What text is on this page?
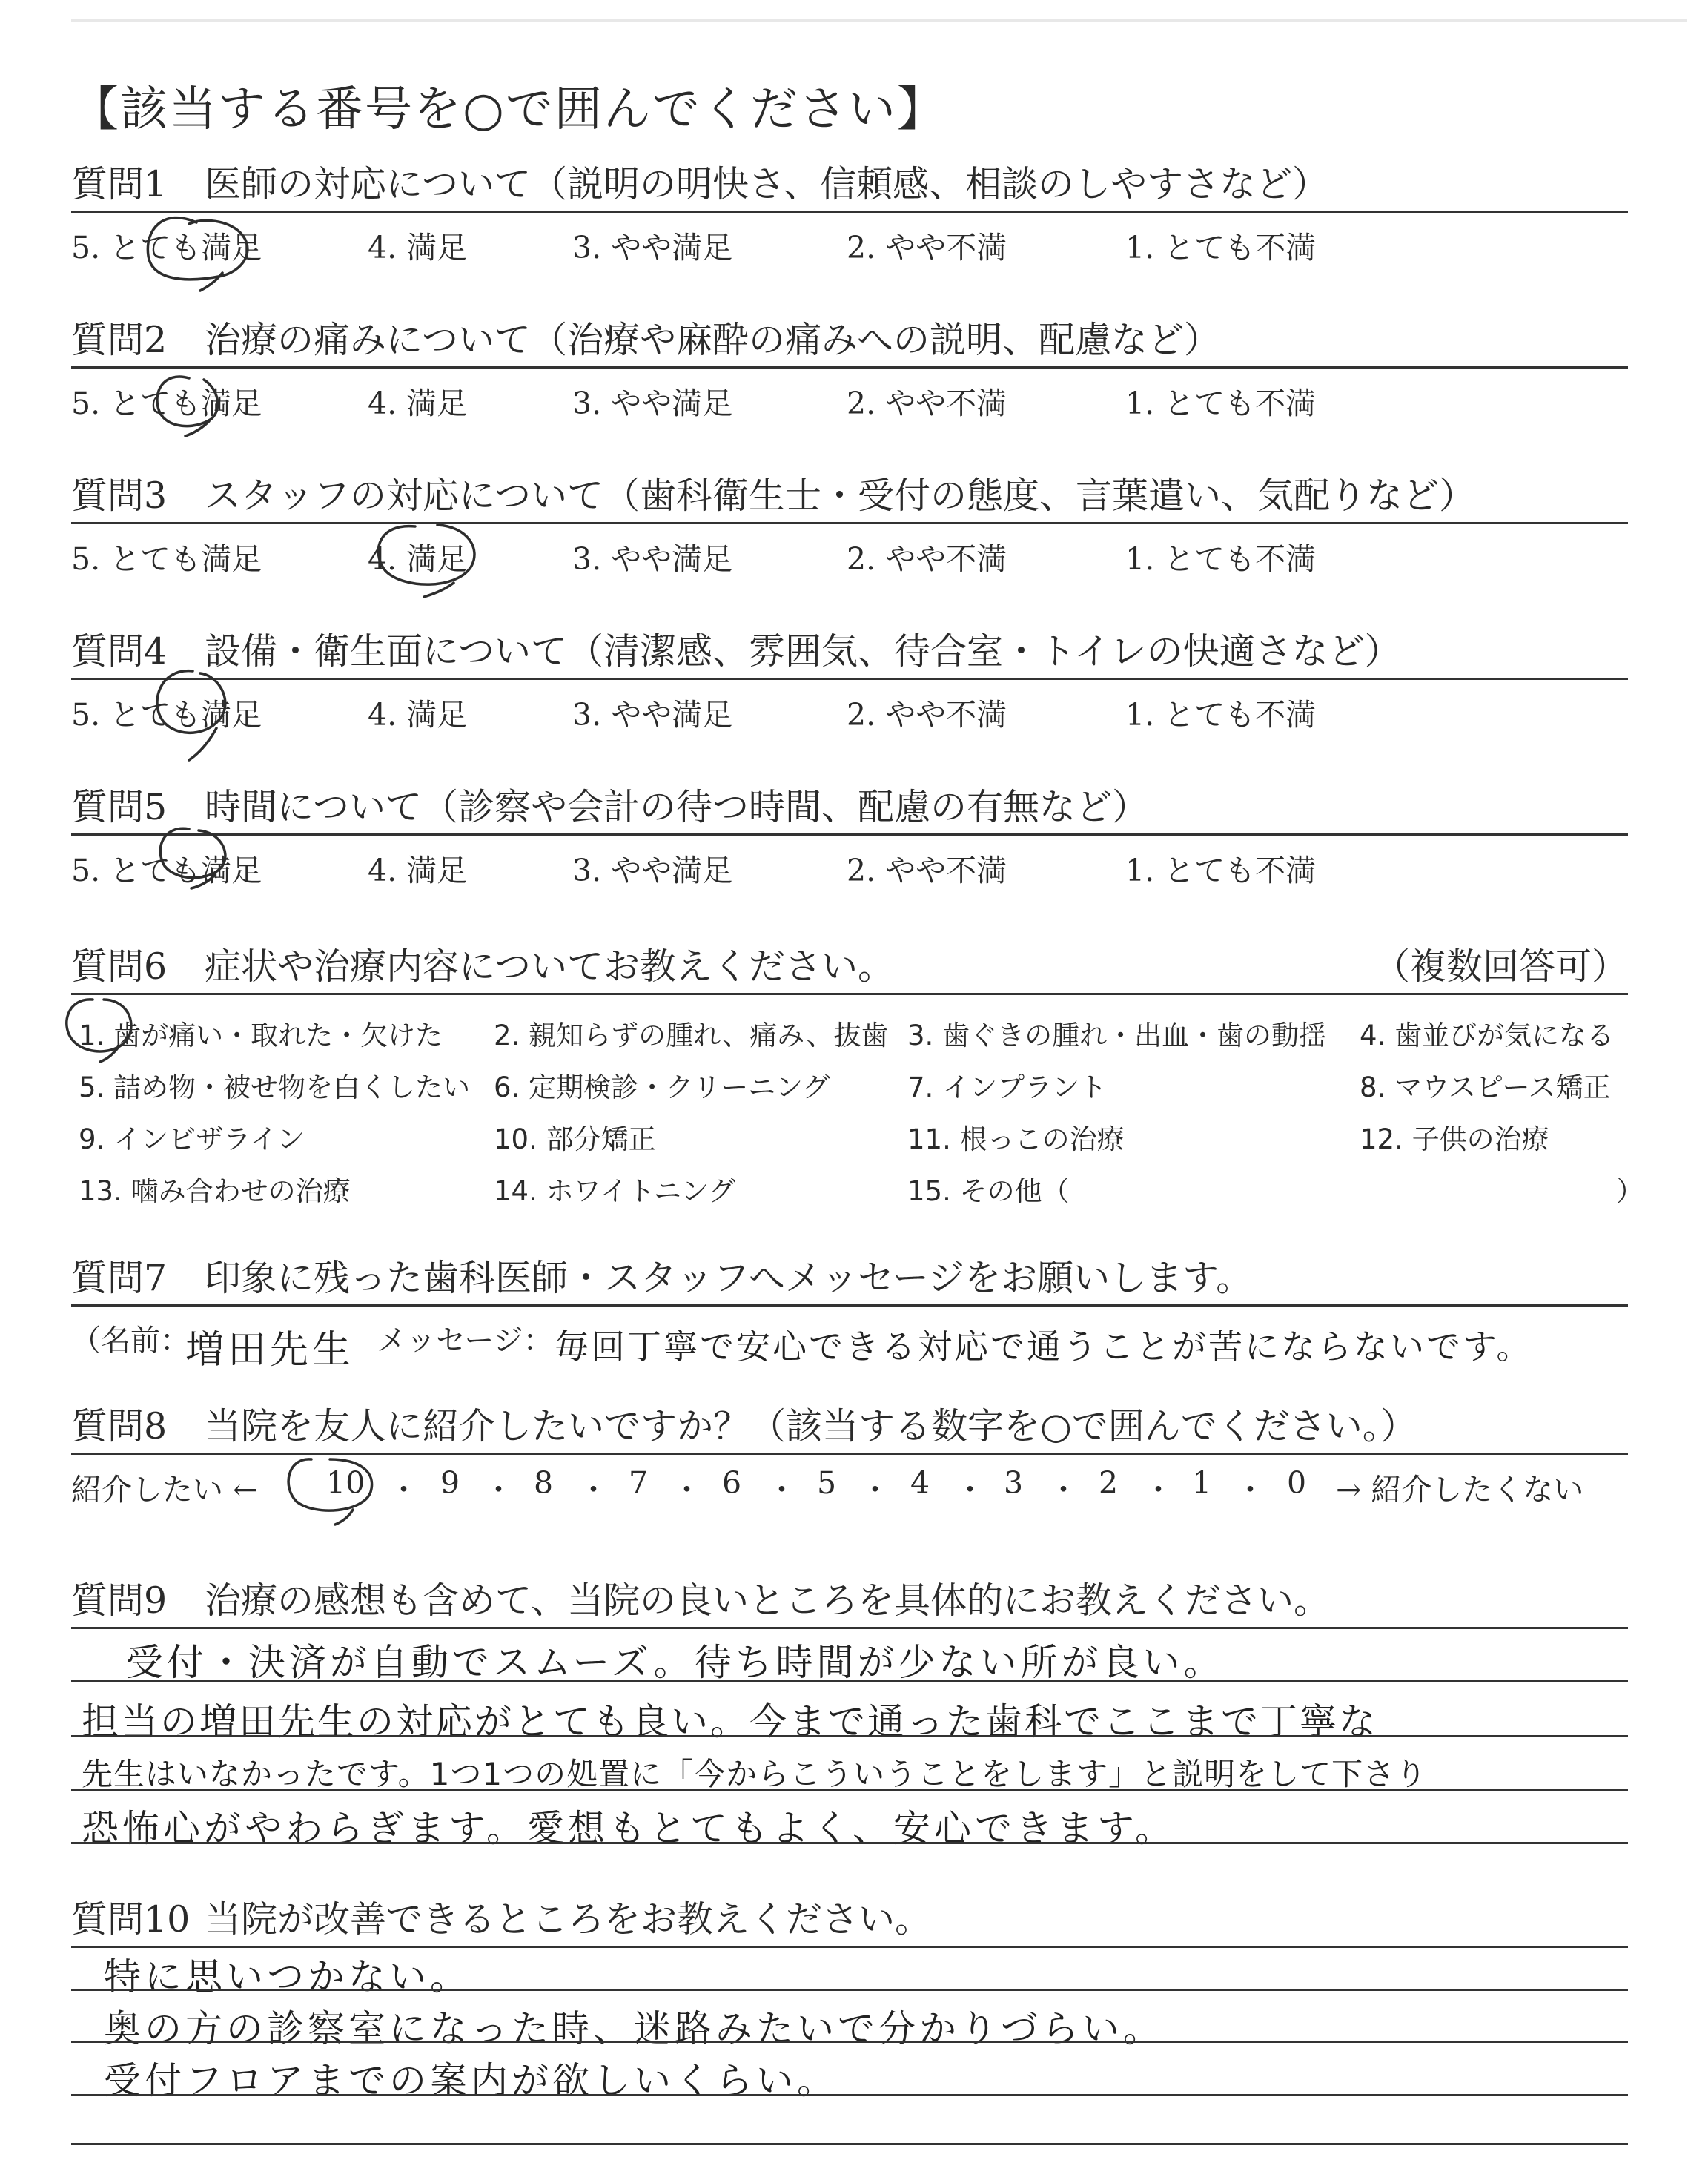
【該当する番号を○で囲んでください】
質問1 医師の対応について（説明の明快さ、信頼感、相談のしやすさなど）
5. とても満足	4. 満足	3. やや満足	2. やや不満	1. とても不満
質問2 治療の痛みについて（治療や麻酔の痛みへの説明、配慮など）
5. とても満足	4. 満足	3. やや満足	2. やや不満	1. とても不満
質問3 スタッフの対応について（歯科衛生士・受付の態度、言葉遣い、気配りなど）
5. とても満足	4. 満足	3. やや満足	2. やや不満	1. とても不満
質問4 設備・衛生面について（清潔感、雰囲気、待合室・トイレの快適さなど）
5. とても満足	4. 満足	3. やや満足	2. やや不満	1. とても不満
質問5 時間について（診察や会計の待つ時間、配慮の有無など）
5. とても満足	4. 満足	3. やや満足	2. やや不満	1. とても不満
質問6 症状や治療内容についてお教えください。	（複数回答可）
1. 歯が痛い・取れた・欠けた 2. 親知らずの腫れ、痛み、抜歯 3. 歯ぐきの腫れ・出血・歯の動揺 4. 歯並びが気になる
5. 詰め物・被せ物を白くしたい 6. 定期検診・クリーニング	7. インプラント	8. マウスピース矯正
9. インビザライン	10. 部分矯正	11. 根っこの治療	12. 子供の治療
13. 噛み合わせの治療	14. ホワイトニング	15. その他（	）
質問7 印象に残った歯科医師・スタッフへメッセージをお願いします。
（名前：
増田先生 メッセージ： 毎回丁寧で安心できる対応で通うことが苦にならないです。
質問8 当院を友人に紹介したいですか？（該当する数字を○で囲んでください。）
紹介したい ← 10 ・ 9 ・ 8 ・ 7 ・ 6 ・ 5 ・ 4 ・ 3 ・ 2 ・ 1 ・ 0 → 紹介したくない
質問9 治療の感想も含めて、当院の良いところを具体的にお教えください。
受付・決済が自動でスムーズ。待ち時間が少ない所が良い。
担当の増田先生の対応がとても良い。今まで通った歯科でここまで丁寧な
先生はいなかったです。1つ1つの処置に「今からこういうことをします」と説明をして下さり
恐怖心がやわらぎます。愛想もとてもよく、安心できます。
質問10 当院が改善できるところをお教えください。
特に思いつかない。
奥の方の診察室になった時、迷路みたいで分かりづらい。
受付フロアまでの案内が欲しいくらい。
